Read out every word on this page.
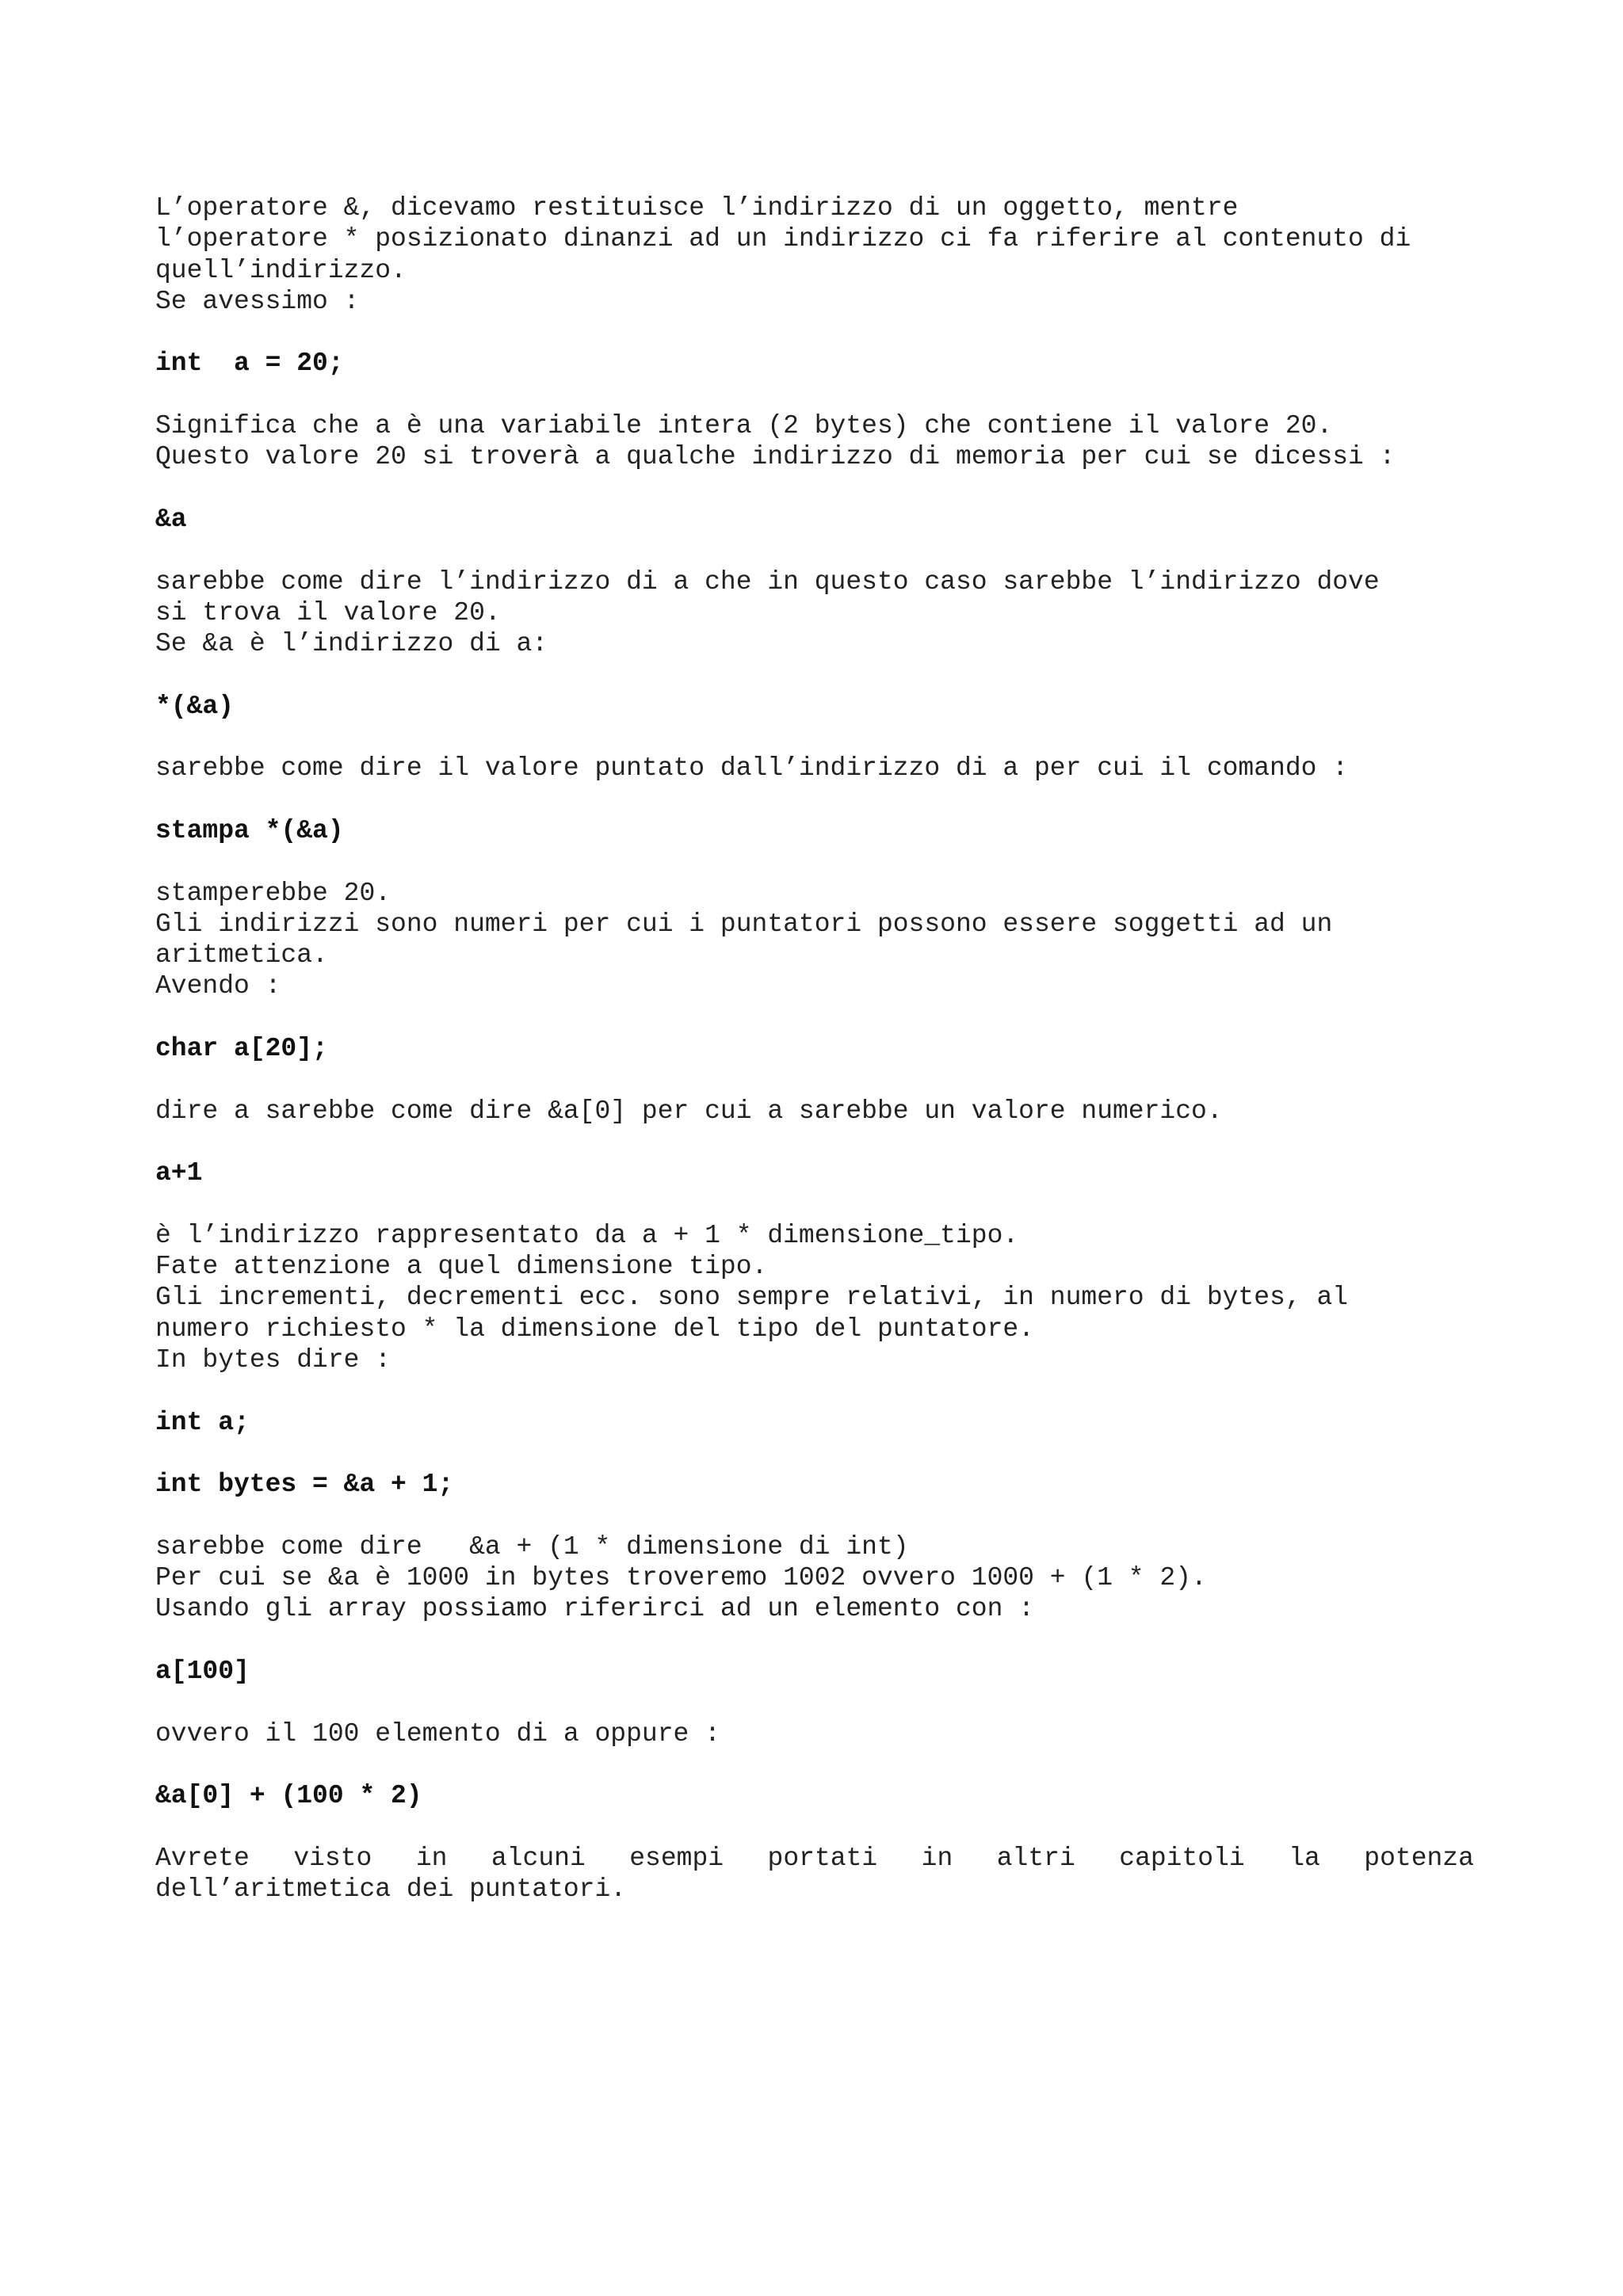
L’operatore &, dicevamo restituisce l’indirizzo di un oggetto, mentre
l’operatore * posizionato dinanzi ad un indirizzo ci fa riferire al contenuto di
quell’indirizzo.
Se avessimo :
int  a = 20;
Significa che a è una variabile intera (2 bytes) che contiene il valore 20.
Questo valore 20 si troverà a qualche indirizzo di memoria per cui se dicessi :
&a
sarebbe come dire l’indirizzo di a che in questo caso sarebbe l’indirizzo dove
si trova il valore 20.
Se &a è l’indirizzo di a:
*(&a)
sarebbe come dire il valore puntato dall’indirizzo di a per cui il comando :
stampa *(&a)
stamperebbe 20.
Gli indirizzi sono numeri per cui i puntatori possono essere soggetti ad un
aritmetica.
Avendo :
char a[20];
dire a sarebbe come dire &a[0] per cui a sarebbe un valore numerico.
a+1
è l’indirizzo rappresentato da a + 1 * dimensione_tipo.
Fate attenzione a quel dimensione tipo.
Gli incrementi, decrementi ecc. sono sempre relativi, in numero di bytes, al
numero richiesto * la dimensione del tipo del puntatore.
In bytes dire :
int a;
int bytes = &a + 1;
sarebbe come dire   &a + (1 * dimensione di int)
Per cui se &a è 1000 in bytes troveremo 1002 ovvero 1000 + (1 * 2).
Usando gli array possiamo riferirci ad un elemento con :
a[100]
ovvero il 100 elemento di a oppure :
&a[0] + (100 * 2)
Avrete visto in alcuni esempi portati in altri capitoli la potenza
dell’aritmetica dei puntatori.
